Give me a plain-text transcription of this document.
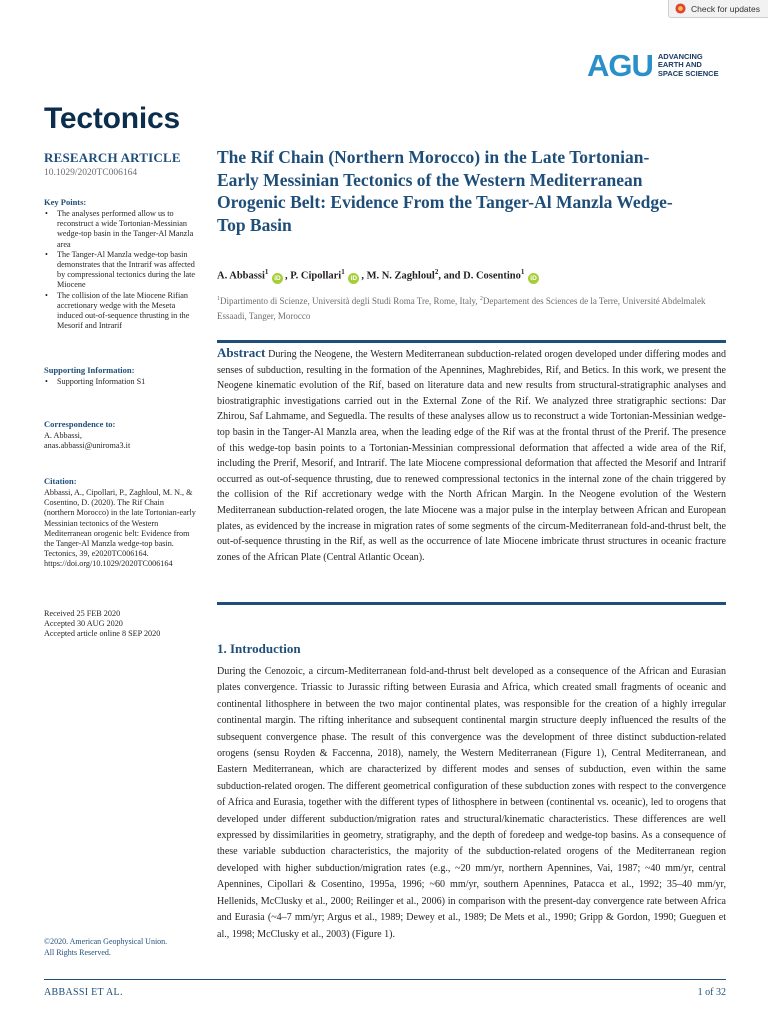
Check for updates
AGU ADVANCING
EARTH AND
SPACE SCIENCE
Tectonics
RESEARCH ARTICLE
10.1029/2020TC006164
Key Points:
• The analyses performed allow us to reconstruct a wide Tortonian-Messinian wedge-top basin in the Tanger-Al Manzla area
• The Tanger-Al Manzla wedge-top basin demonstrates that the Intrarif was affected by compressional tectonics during the late Miocene
• The collision of the late Miocene Rifian accretionary wedge with the Meseta induced out-of-sequence thrusting in the Mesorif and Intrarif
Supporting Information:
• Supporting Information S1
Correspondence to:
A. Abbassi,
anas.abbassi@uniroma3.it
Citation:
Abbassi, A., Cipollari, P., Zaghloul, M. N., & Cosentino, D. (2020). The Rif Chain (northern Morocco) in the late Tortonian-early Messinian tectonics of the Western Mediterranean orogenic belt: Evidence from the Tanger-Al Manzla wedge-top basin. Tectonics, 39, e2020TC006164. https://doi.org/10.1029/2020TC006164
Received 25 FEB 2020
Accepted 30 AUG 2020
Accepted article online 8 SEP 2020
©2020. American Geophysical Union.
All Rights Reserved.
The Rif Chain (Northern Morocco) in the Late Tortonian-Early Messinian Tectonics of the Western Mediterranean Orogenic Belt: Evidence From the Tanger-Al Manzla Wedge-Top Basin
A. Abbassi$^1$ iD , P. Cipollari$^1$ iD , M. N. Zaghloul$^2$, and D. Cosentino$^1$ iD
$^1$Dipartimento di Scienze, Università degli Studi Roma Tre, Rome, Italy, $^2$Departement des Sciences de la Terre, Université Abdelmalek Essaadi, Tanger, Morocco
Abstract During the Neogene, the Western Mediterranean subduction-related orogen developed under differing modes and senses of subduction, resulting in the formation of the Apennines, Maghrebides, Rif, and Betics. In this work, we present the Neogene kinematic evolution of the Rif, based on literature data and new results from structural-stratigraphic analyses and biostratigraphic investigations carried out in the External Zone of the Rif. We analyzed three stratigraphic sections: Dar Zhirou, Saf Lahmame, and Seguedla. The results of these analyses allow us to reconstruct a wide Tortonian-Messinian wedge-top basin in the Tanger-Al Manzla area, when the leading edge of the Rif was at the frontal thrust of the Prerif. The presence of this wedge-top basin points to a Tortonian-Messinian compressional deformation that affected a wide area of the Rif, including the Prerif, Mesorif, and Intrarif. The late Miocene compressional deformation that affected the Mesorif and Intrarif occurred as out-of-sequence thrusting, due to renewed compressional tectonics in the internal zone of the chain triggered by the collision of the Rif accretionary wedge with the North African Margin. In the Neogene evolution of the Western Mediterranean subduction-related orogen, the late Miocene was a major pulse in the interplay between African and European plates, as evidenced by the increase in migration rates of some segments of the circum-Mediterranean fold-and-thrust belt, the out-of-sequence thrusting in the Rif, as well as the occurrence of late Miocene imbricate thrust structures in oceanic fracture zones of the African Plate (Central Atlantic Ocean).
1. Introduction
During the Cenozoic, a circum-Mediterranean fold-and-thrust belt developed as a consequence of the African and Eurasian plates convergence. Triassic to Jurassic rifting between Eurasia and Africa, which created small fragments of oceanic and continental lithosphere in between the two major continental plates, was responsible for the creation of a highly irregular continental margin. The rifting inheritance and subsequent continental margin structure deeply influenced the results of the subsequent convergence phase. The result of this convergence was the development of three distinct subduction-related orogens (sensu Royden & Faccenna, 2018), namely, the Western Mediterranean (Figure 1), Central Mediterranean, and Eastern Mediterranean, which are characterized by different modes and senses of subduction, even within the same subduction-related orogen. The different geometrical configuration of these subduction zones with respect to the convergence of Africa and Eurasia, together with the different types of lithosphere in between (continental vs. oceanic), led to orogens that developed under different subduction/migration rates and structural/kinematic characteristics. These differences are well expressed by dissimilarities in geometry, stratigraphy, and the depth of foredeep and wedge-top basins. As a consequence of these variable subduction characteristics, the majority of the subduction-related orogens of the Mediterranean region developed with higher subduction/migration rates (e.g., ~20 mm/yr, northern Apennines, Vai, 1987; ~40 mm/yr, central Apennines, Cipollari & Cosentino, 1995a, 1996; ~60 mm/yr, southern Apennines, Patacca et al., 1992; 35–40 mm/yr, Hellenids, McClusky et al., 2000; Reilinger et al., 2006) in comparison with the present-day convergence rate between Africa and Eurasia (~4–7 mm/yr; Argus et al., 1989; Dewey et al., 1989; De Mets et al., 1990; Gripp & Gordon, 1990; Gueguen et al., 1998; McClusky et al., 2003) (Figure 1).
ABBASSI ET AL.	1 of 32
